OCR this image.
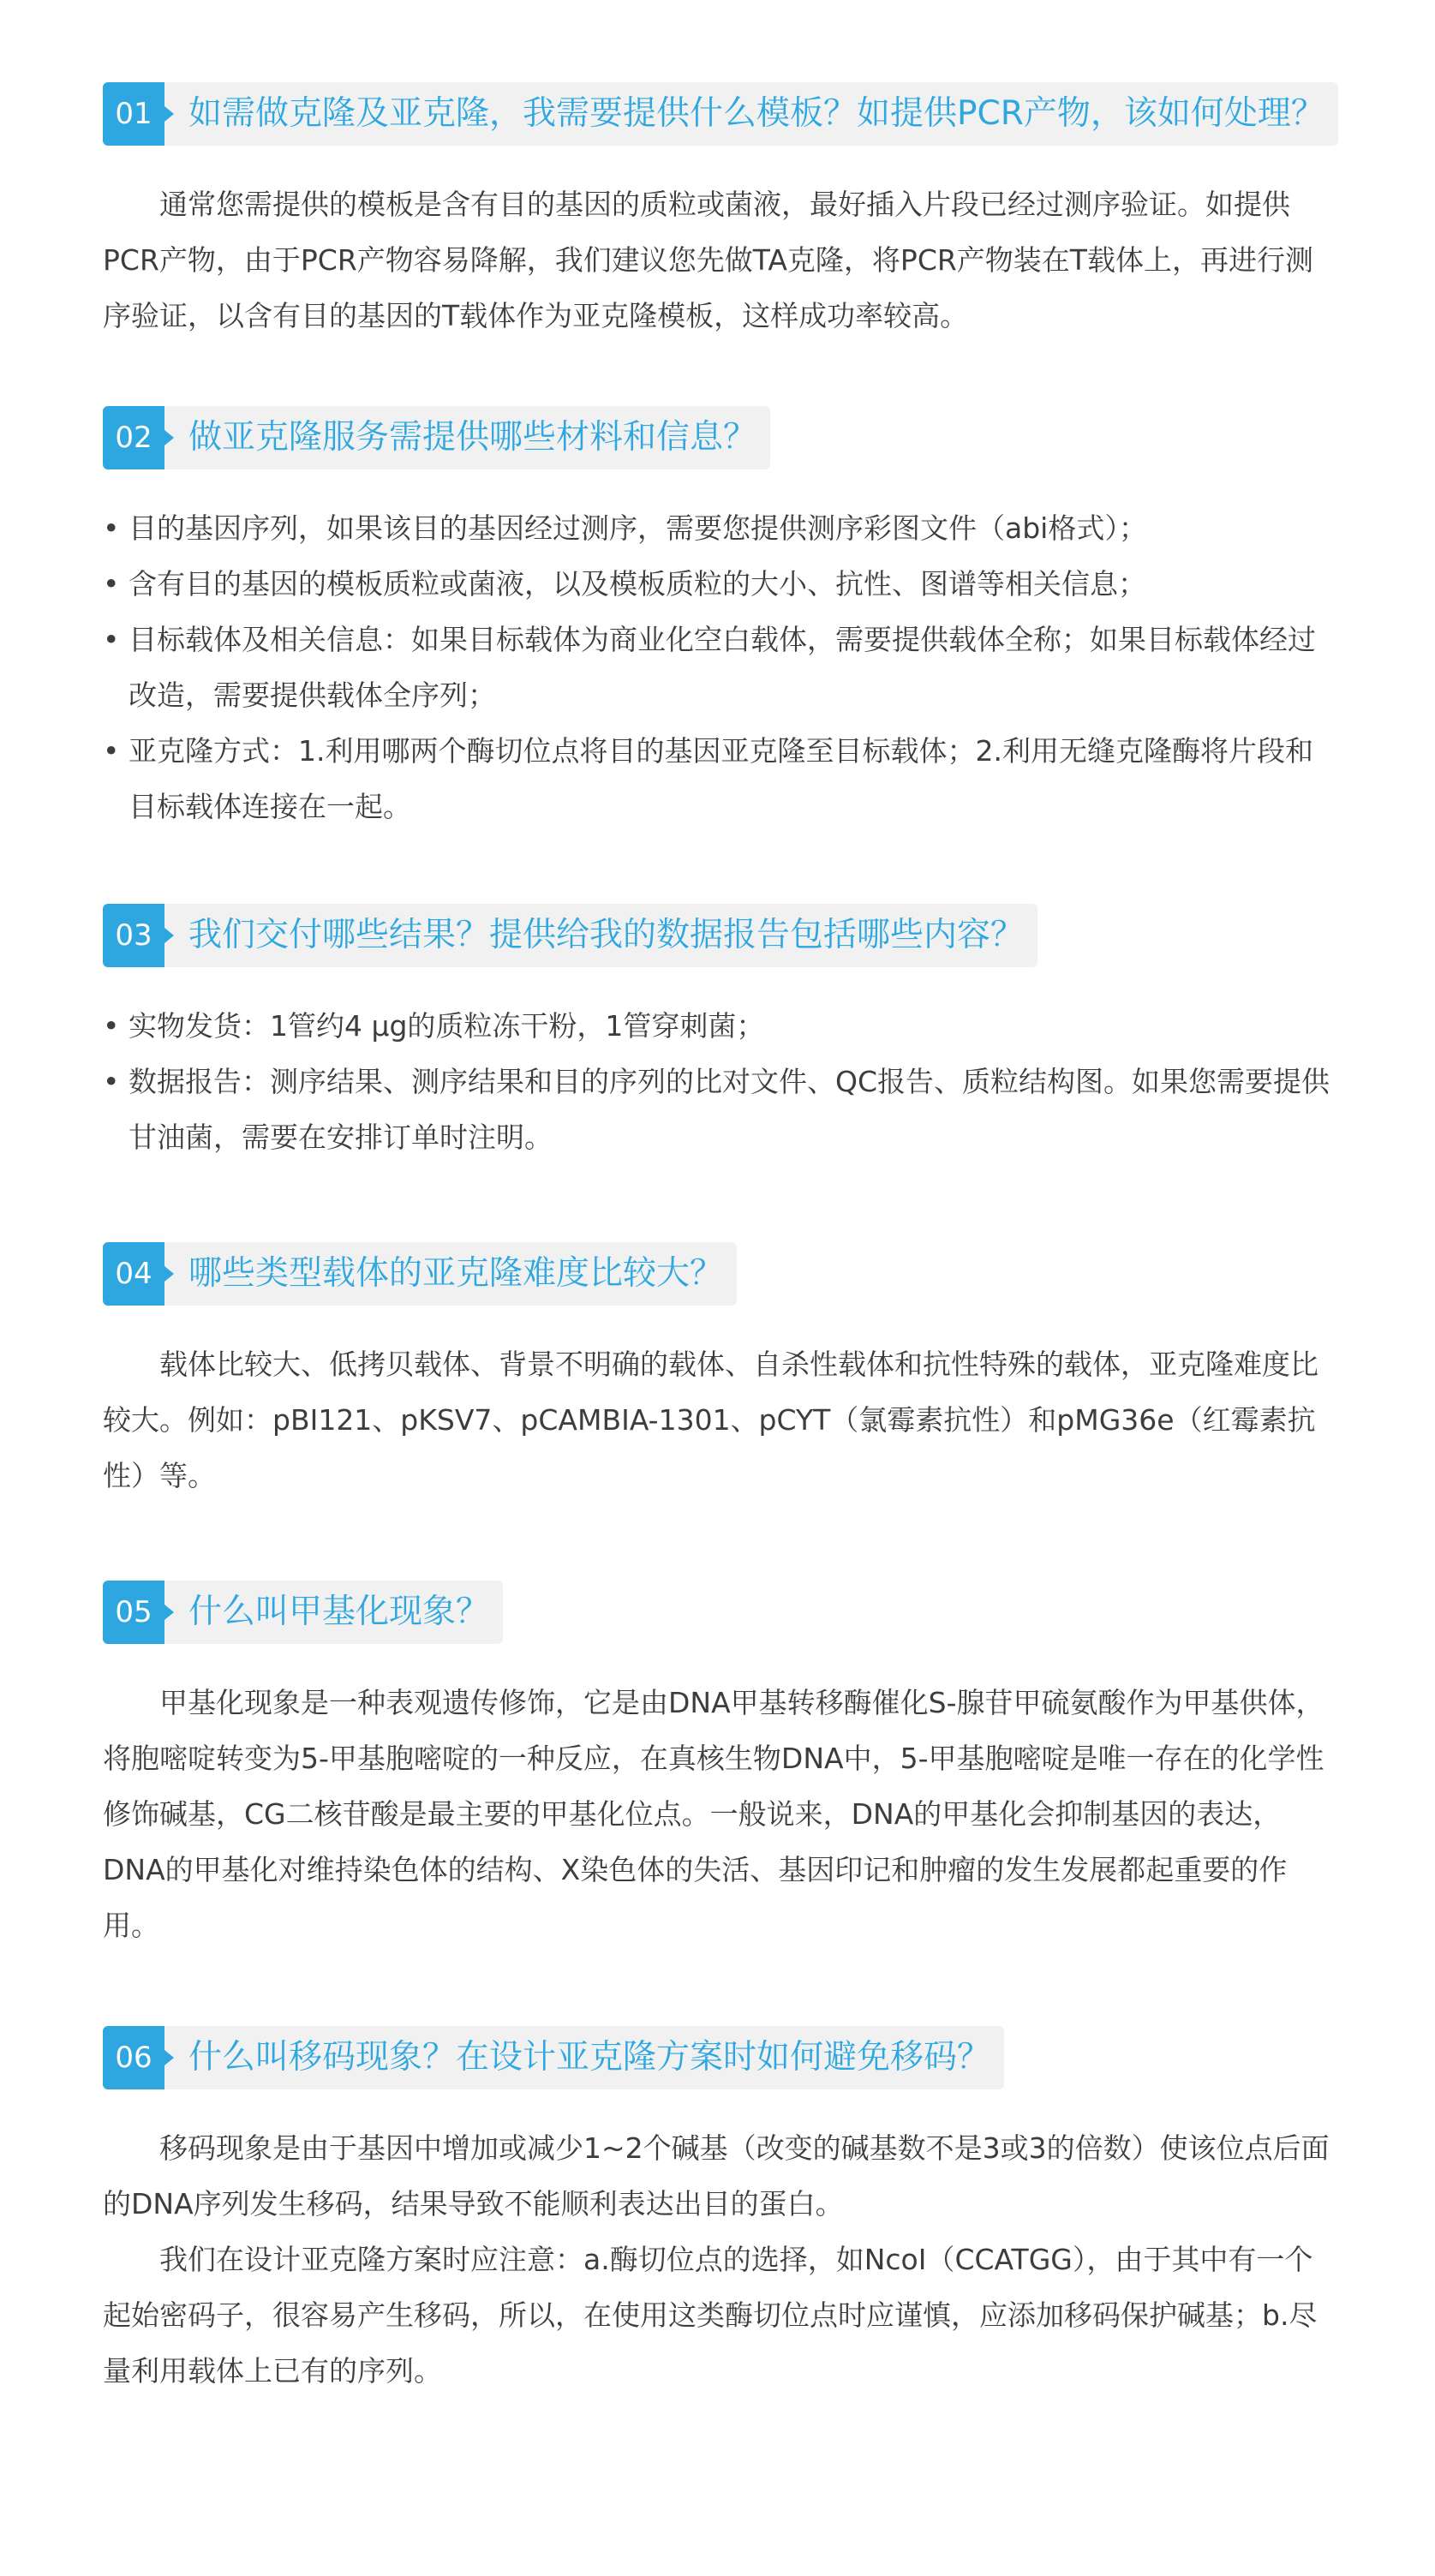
01	如需做克隆及亚克隆，我需要提供什么模板？如提供PCR产物，该如何处理？

通常您需提供的模板是含有目的基因的质粒或菌液，最好插入片段已经过测序验证。如提供PCR产物，由于PCR产物容易降解，我们建议您先做TA克隆，将PCR产物装在T载体上，再进行测序验证，以含有目的基因的T载体作为亚克隆模板，这样成功率较高。

02	做亚克隆服务需提供哪些材料和信息？
• 目的基因序列，如果该目的基因经过测序，需要您提供测序彩图文件（abi格式）；
• 含有目的基因的模板质粒或菌液，以及模板质粒的大小、抗性、图谱等相关信息；
• 目标载体及相关信息：如果目标载体为商业化空白载体，需要提供载体全称；如果目标载体经过改造，需要提供载体全序列；
• 亚克隆方式：1.利用哪两个酶切位点将目的基因亚克隆至目标载体；2.利用无缝克隆酶将片段和目标载体连接在一起。
03	我们交付哪些结果？提供给我的数据报告包括哪些内容？
• 实物发货：1管约4 μg的质粒冻干粉，1管穿刺菌；
• 数据报告：测序结果、测序结果和目的序列的比对文件、QC报告、质粒结构图。如果您需要提供甘油菌，需要在安排订单时注明。
04	哪些类型载体的亚克隆难度比较大？

载体比较大、低拷贝载体、背景不明确的载体、自杀性载体和抗性特殊的载体，亚克隆难度比较大。例如：pBI121、pKSV7、pCAMBIA-1301、pCYT（氯霉素抗性）和pMG36e（红霉素抗性）等。

05	什么叫甲基化现象？

甲基化现象是一种表观遗传修饰，它是由DNA甲基转移酶催化S-腺苷甲硫氨酸作为甲基供体，将胞嘧啶转变为5-甲基胞嘧啶的一种反应，在真核生物DNA中，5-甲基胞嘧啶是唯一存在的化学性修饰碱基，CG二核苷酸是最主要的甲基化位点。一般说来，DNA的甲基化会抑制基因的表达，DNA的甲基化对维持染色体的结构、X染色体的失活、基因印记和肿瘤的发生发展都起重要的作用。

06	什么叫移码现象？在设计亚克隆方案时如何避免移码？

移码现象是由于基因中增加或减少1~2个碱基（改变的碱基数不是3或3的倍数）使该位点后面的DNA序列发生移码，结果导致不能顺利表达出目的蛋白。

我们在设计亚克隆方案时应注意：a.酶切位点的选择，如NcoI（CCATGG），由于其中有一个起始密码子，很容易产生移码，所以，在使用这类酶切位点时应谨慎，应添加移码保护碱基；b.尽量利用载体上已有的序列。
